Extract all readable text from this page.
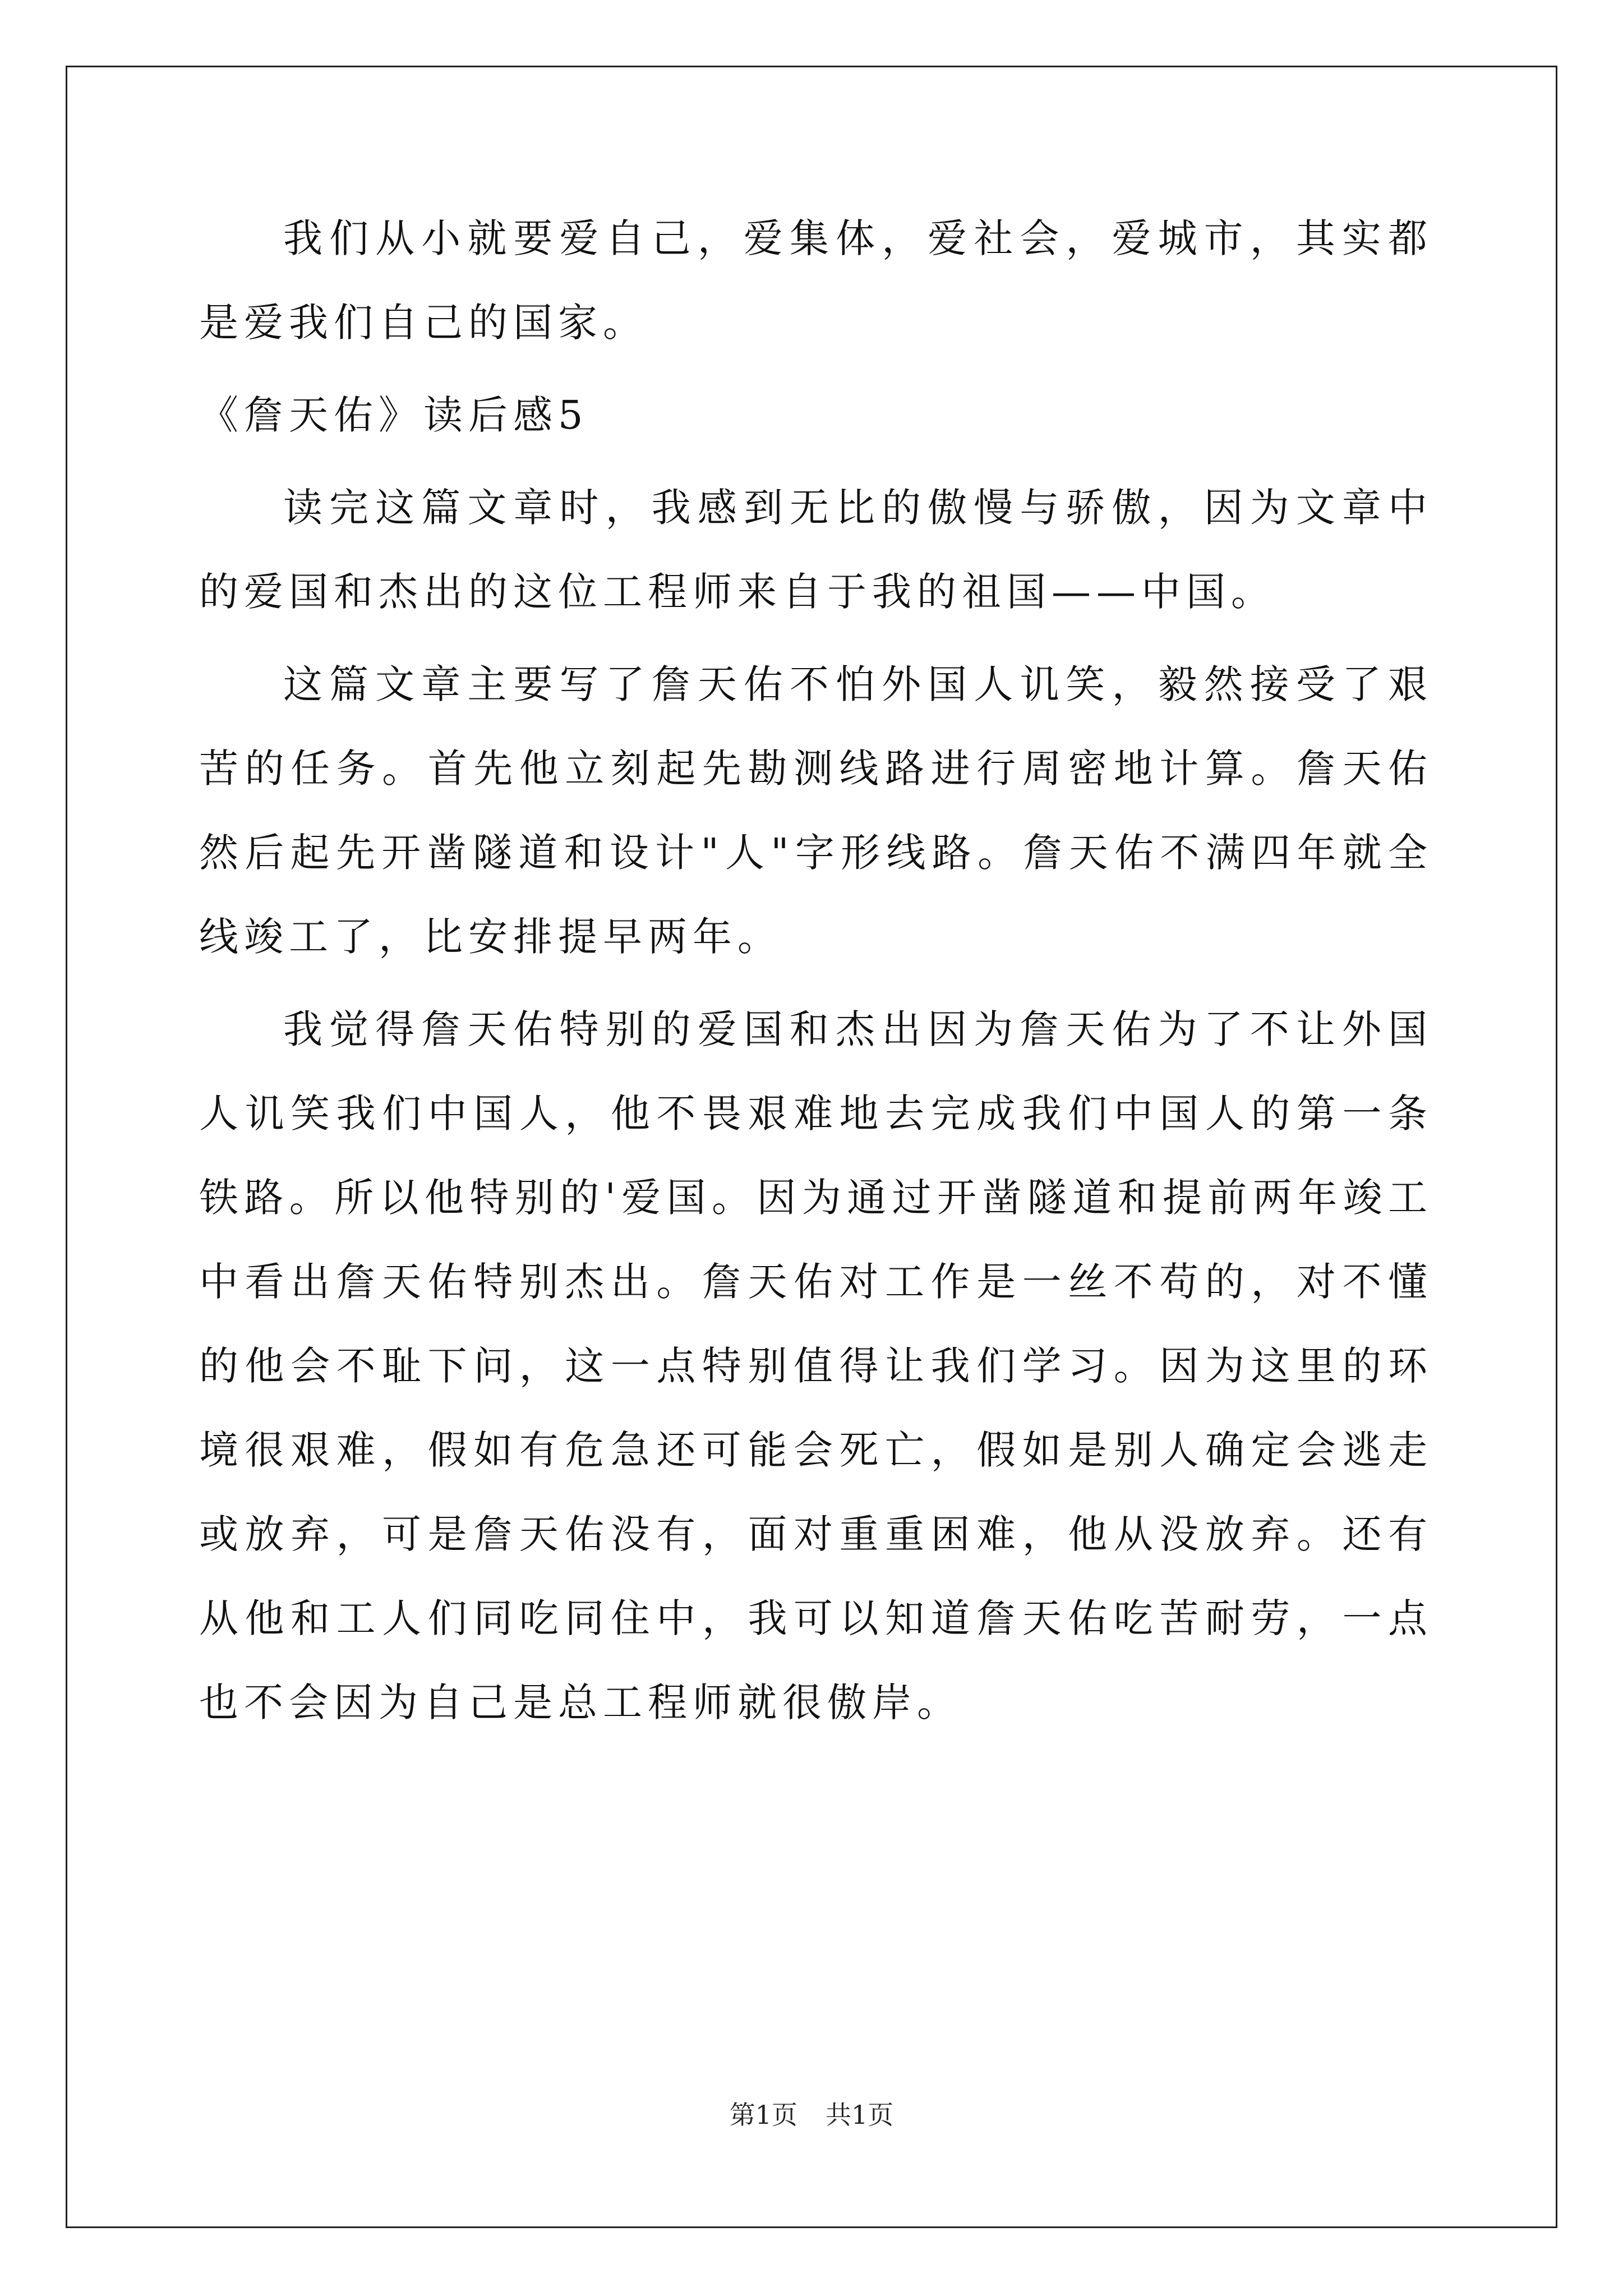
我们从小就要爱自己，爱集体，爱社会，爱城市，其实都是爱我们自己的国家。

《詹天佑》读后感5

读完这篇文章时，我感到无比的傲慢与骄傲，因为文章中的爱国和杰出的这位工程师来自于我的祖国——中国。

这篇文章主要写了詹天佑不怕外国人讥笑，毅然接受了艰苦的任务。首先他立刻起先勘测线路进行周密地计算。詹天佑然后起先开凿隧道和设计"人"字形线路。詹天佑不满四年就全线竣工了，比安排提早两年。

我觉得詹天佑特别的爱国和杰出因为詹天佑为了不让外国人讥笑我们中国人，他不畏艰难地去完成我们中国人的第一条铁路。所以他特别的'爱国。因为通过开凿隧道和提前两年竣工中看出詹天佑特别杰出。詹天佑对工作是一丝不苟的，对不懂的他会不耻下问，这一点特别值得让我们学习。因为这里的环境很艰难，假如有危急还可能会死亡，假如是别人确定会逃走或放弃，可是詹天佑没有，面对重重困难，他从没放弃。还有从他和工人们同吃同住中，我可以知道詹天佑吃苦耐劳，一点也不会因为自己是总工程师就很傲岸。

第1页 共1页
